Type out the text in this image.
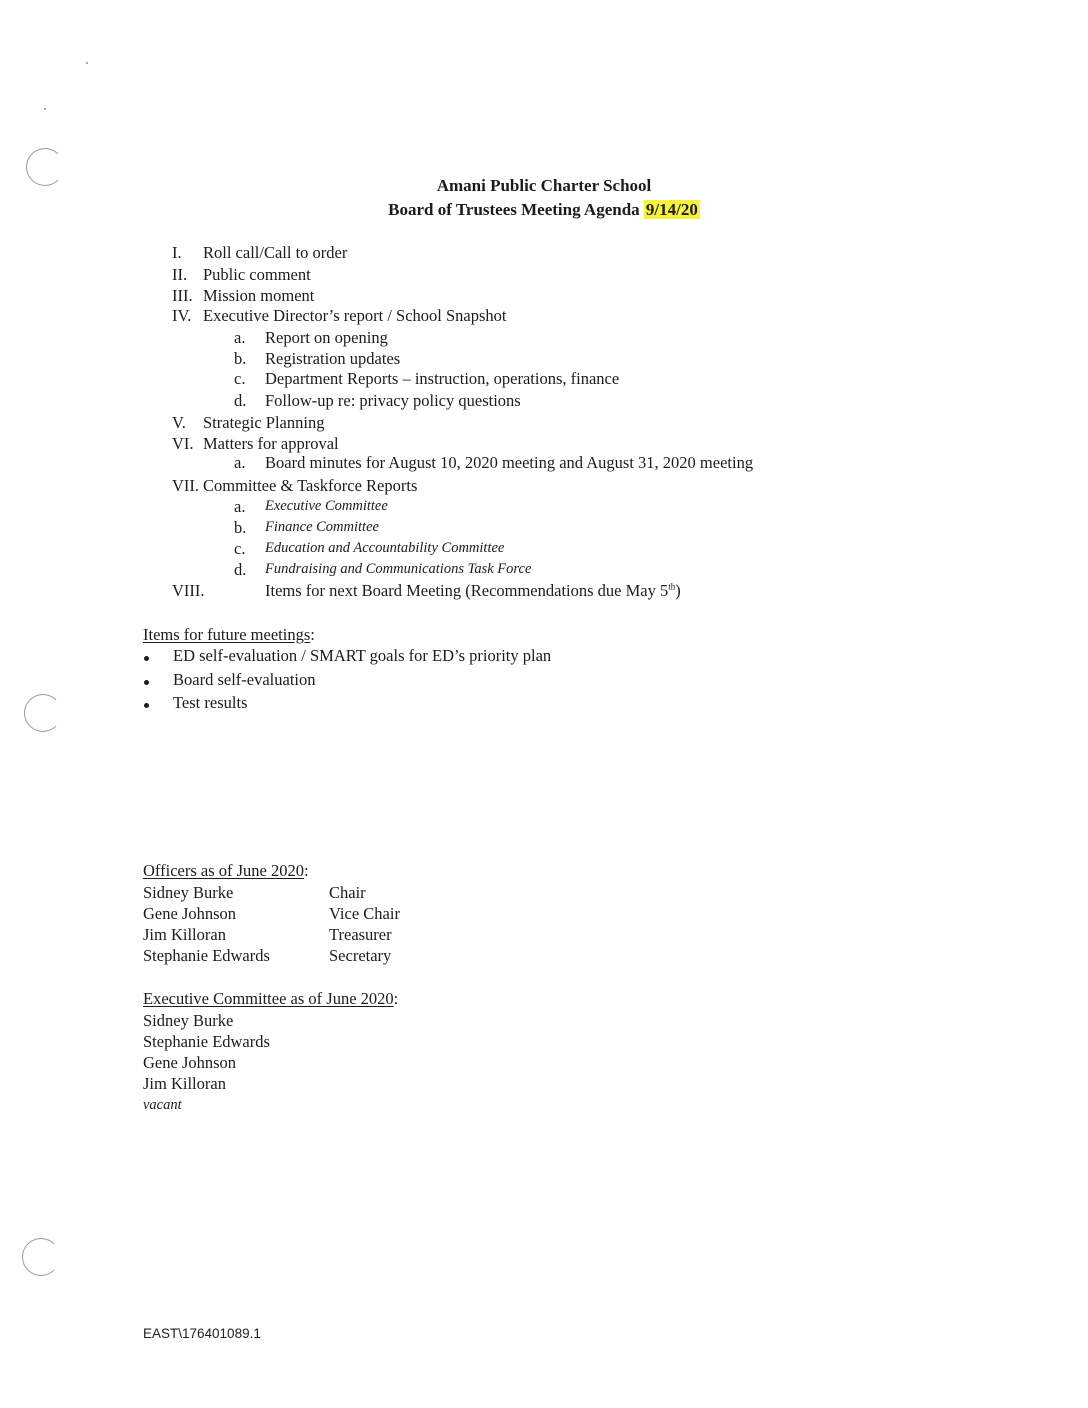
Amani Public Charter School
Board of Trustees Meeting Agenda 9/14/20
I. Roll call/Call to order
II. Public comment
III. Mission moment
IV. Executive Director’s report / School Snapshot
a. Report on opening
b. Registration updates
c. Department Reports – instruction, operations, finance
d. Follow-up re: privacy policy questions
V. Strategic Planning
VI. Matters for approval
a. Board minutes for August 10, 2020 meeting and August 31, 2020 meeting
VII. Committee & Taskforce Reports
a. Executive Committee
b. Finance Committee
c. Education and Accountability Committee
d. Fundraising and Communications Task Force
VIII.	Items for next Board Meeting (Recommendations due May 5th)
Items for future meetings:
ED self-evaluation / SMART goals for ED’s priority plan
Board self-evaluation
Test results
Officers as of June 2020:
Sidney Burke	Chair
Gene Johnson	Vice Chair
Jim Killoran	Treasurer
Stephanie Edwards	Secretary
Executive Committee as of June 2020:
Sidney Burke
Stephanie Edwards
Gene Johnson
Jim Killoran
vacant
EAST\176401089.1
